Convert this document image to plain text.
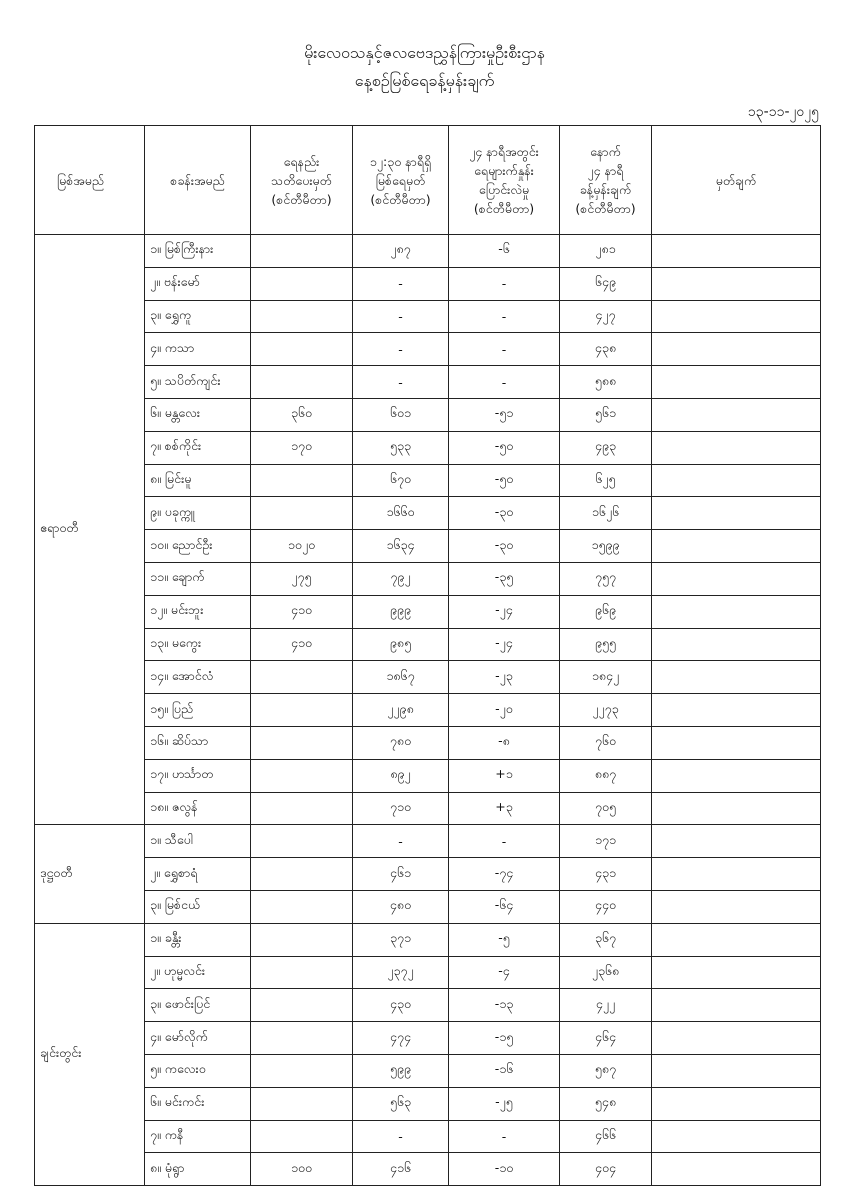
မိုးလေဝသနှင့်ဇလဗေဒညွှန်ကြားမှုဦးစီးဌာန
နေ့စဉ်မြစ်ရေခန့်မှန်းချက်
၁၃-၁၁-၂၀၂၅
မြစ်အမည်	စခန်းအမည်	ရေနည်း
သတိပေးမှတ်
(စင်တီမီတာ)	၁၂:၃၀ နာရီရှိ
မြစ်ရေမှတ်
(စင်တီမီတာ)	၂၄ နာရီအတွင်း
ရေများက်နှုန်း
ပြောင်းလဲမှု
(စင်တီမီတာ)	နောက်
၂၄ နာရီ
ခန့်မှန်းချက်
(စင်တီမီတာ)	မှတ်ချက်
ဧရာဝတီ	၁။ မြစ်ကြီးနား		၂၈၇	-၆	၂၈၁	
	၂။ ဗန်းမော်		-	-	၆၄၉	
	၃။ ရွှေကူ		-	-	၄၂၇	
	၄။ ကသာ		-	-	၄၃၈	
	၅။ သပိတ်ကျင်း		-	-	၅၈၈	
	၆။ မန္တလေး	၃၆၀	၆၀၁	-၅၁	၅၆၁	
	၇။ စစ်ကိုင်း	၁၇၀	၅၃၃	-၅၀	၄၉၃	
	၈။ မြင်းမူ		၆၇၀	-၅၀	၆၂၅	
	၉။ ပခုက္ကူ		၁၆၆၀	-၃၀	၁၆၂၆	
	၁၀။ ညောင်ဦး	၁၀၂၀	၁၆၃၄	-၃၀	၁၅၉၉	
	၁၁။ ချောက်	၂၇၅	၇၉၂	-၃၅	၇၅၇	
	၁၂။ မင်းဘူး	၄၁၀	၉၉၉	-၂၄	၉၆၉	
	၁၃။ မကွေး	၄၁၀	၉၈၅	-၂၄	၉၅၅	
	၁၄။ အောင်လံ		၁၈၆၇	-၂၃	၁၈၄၂	
	၁၅။ ပြည်		၂၂၉၈	-၂၀	၂၂၇၃	
	၁၆။ ဆိပ်သာ		၇၈၀	-၈	၇၆၀	
	၁၇။ ဟင်္သာတ		၈၉၂	+၁	၈၈၇	
	၁၈။ ဇလွန်		၇၁၀	+၃	၇၀၅	
ဒုဋ္ဌဝတီ	၁။ သီပေါ		-	-	၁၇၁	
	၂။ ရွှေစာရံ		၄၆၁	-၇၄	၄၃၁	
	၃။ မြစ်ငယ်		၄၈၀	-၆၄	၄၄၀	
ချင်းတွင်း	၁။ ခန္တီး		၃၇၁	-၅	၃၆၇	
	၂။ ဟုမ္မလင်း		၂၃၇၂	-၄	၂၃၆၈	
	၃။ ဖောင်းပြင်		၄၃၀	-၁၃	၄၂၂	
	၄။ မော်လိုက်		၄၇၄	-၁၅	၄၆၄	
	၅။ ကလေးဝ		၅၉၉	-၁၆	၅၈၇	
	၆။ မင်းကင်း		၅၆၃	-၂၅	၅၄၈	
	၇။ ကနီ		-	-	၄၆၆	
	၈။ မုံရွာ	၁၀၀	၄၁၆	-၁၀	၄၀၄	
